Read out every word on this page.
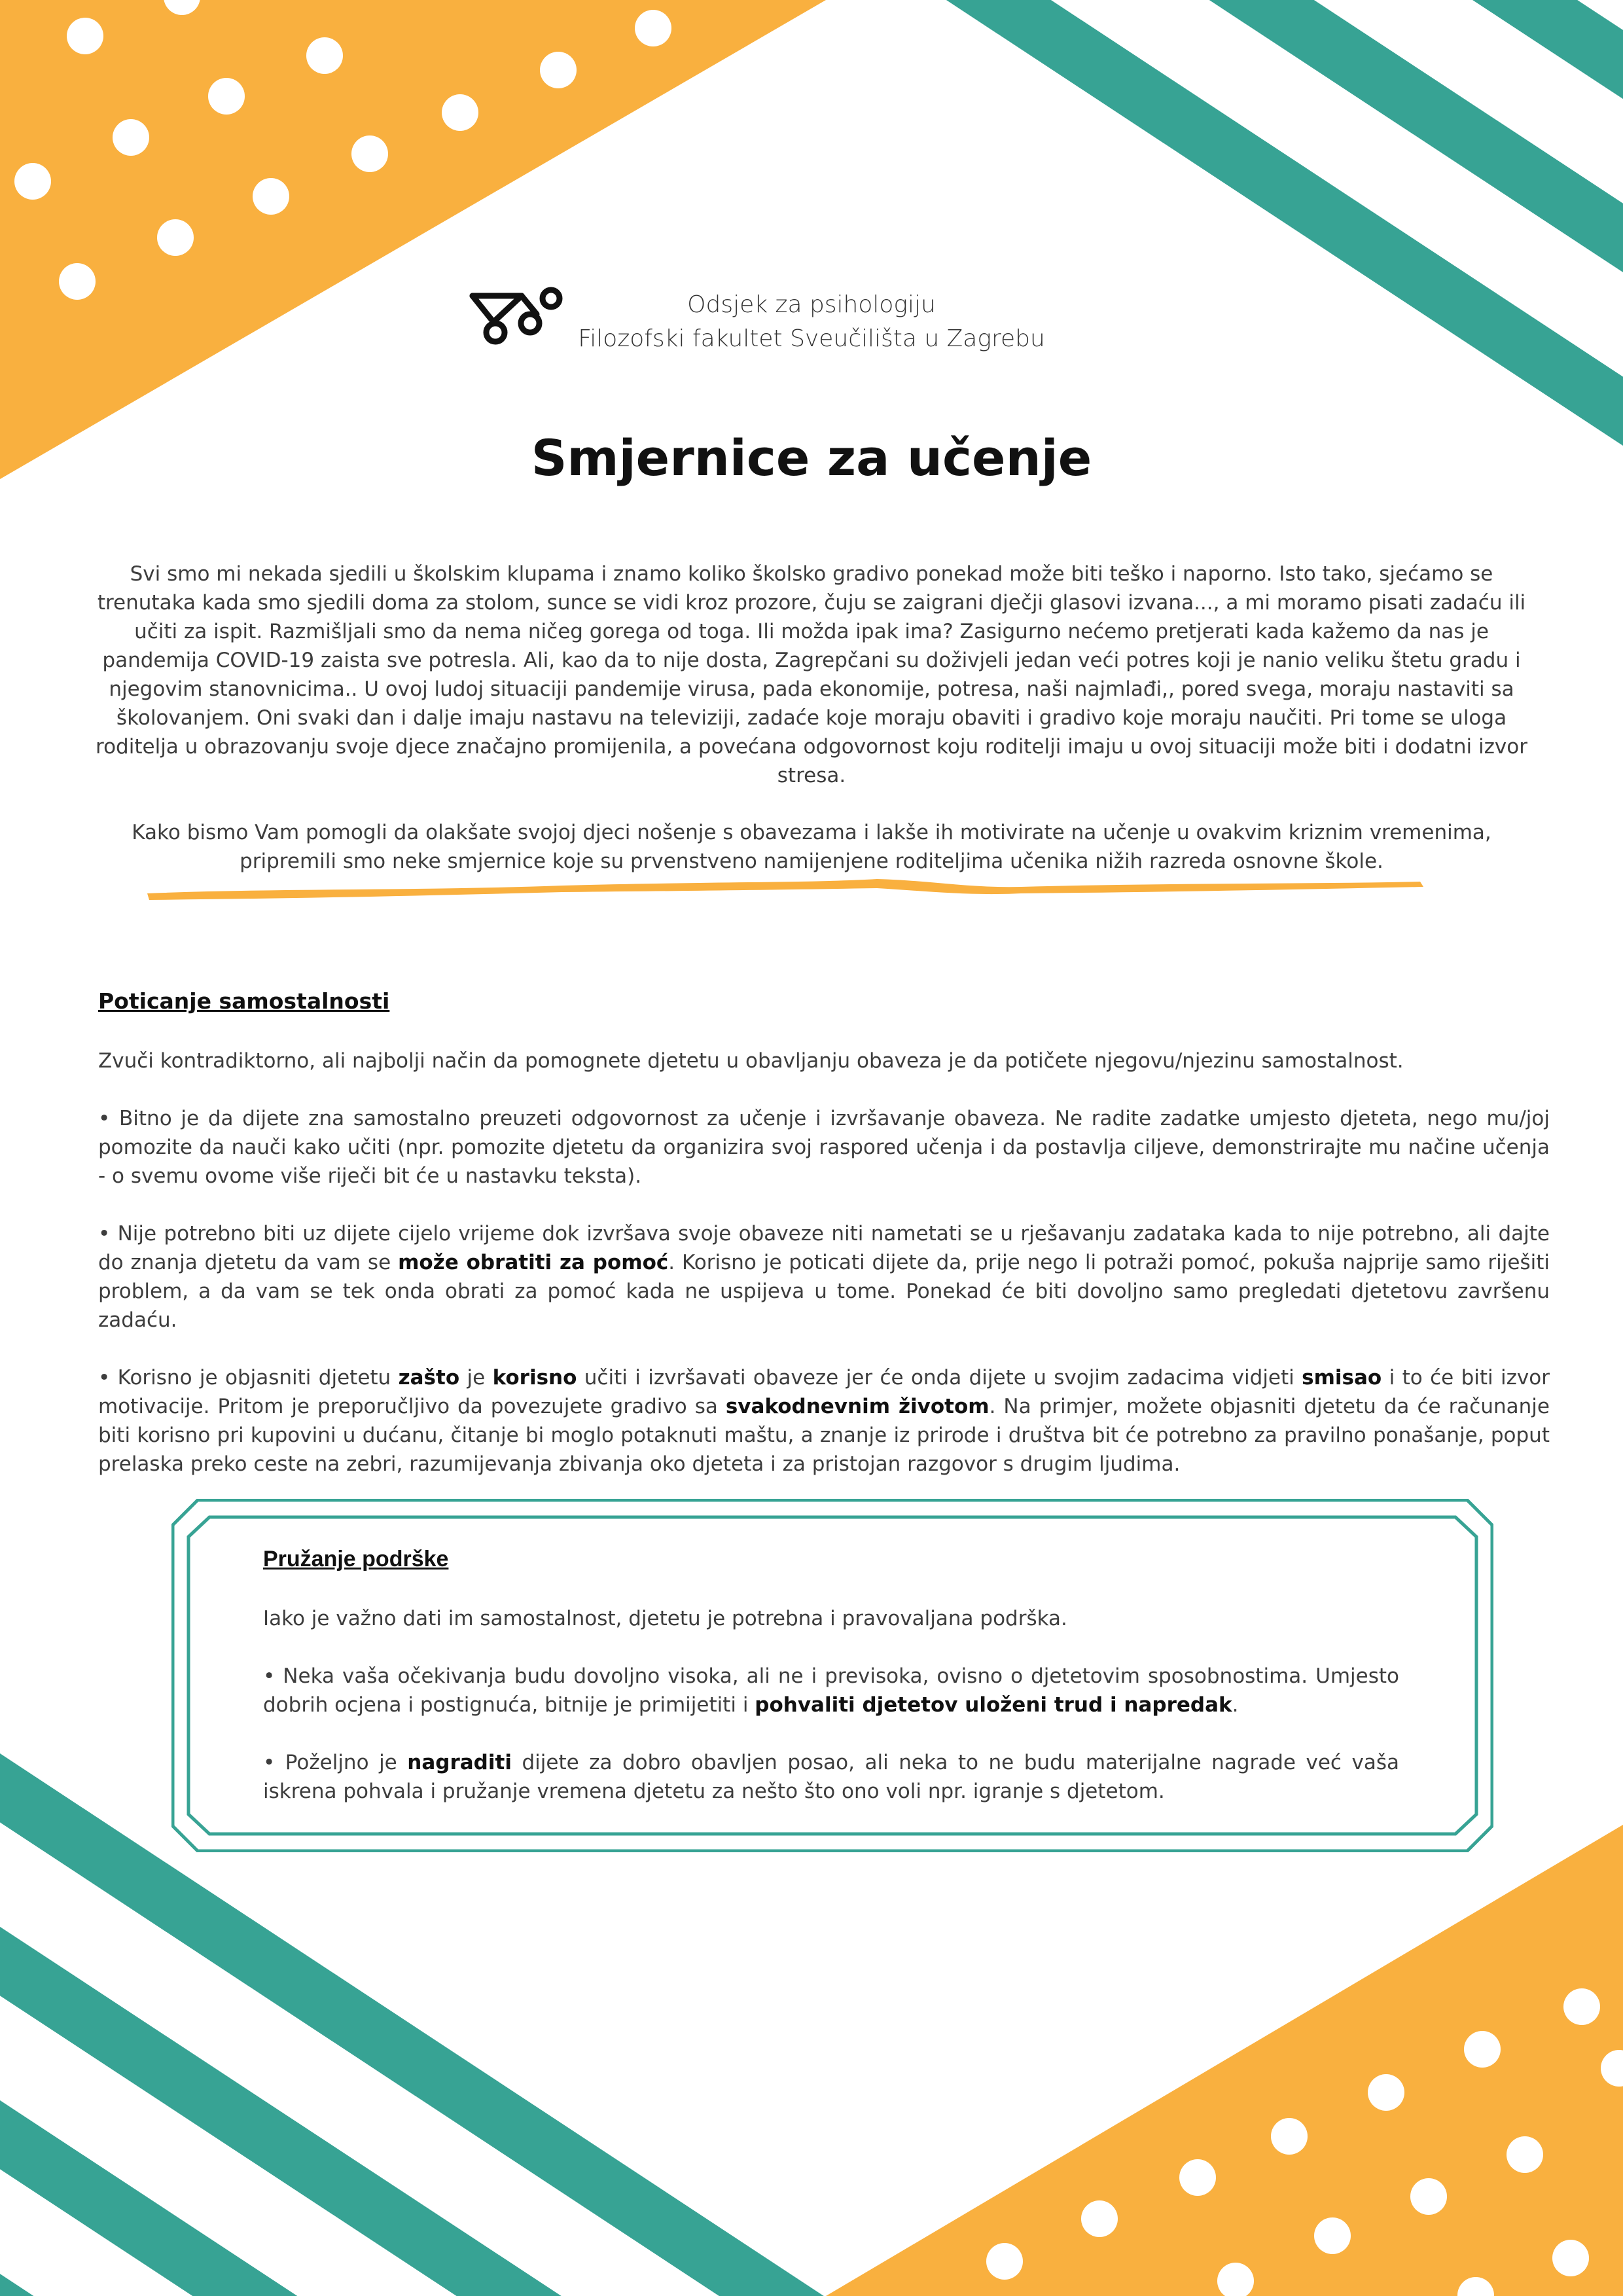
Odsjek za psihologiju
Filozofski fakultet Sveučilišta u Zagrebu
Smjernice za učenje

Svi smo mi nekada sjedili u školskim klupama i znamo koliko školsko gradivo ponekad može biti teško i naporno. Isto tako, sjećamo se trenutaka kada smo sjedili doma za stolom, sunce se vidi kroz prozore, čuju se zaigrani dječji glasovi izvana..., a mi moramo pisati zadaću ili učiti za ispit. Razmišljali smo da nema ničeg gorega od toga. Ili možda ipak ima? Zasigurno nećemo pretjerati kada kažemo da nas je pandemija COVID-19 zaista sve potresla. Ali, kao da to nije dosta, Zagrepčani su doživjeli jedan veći potres koji je nanio veliku štetu gradu i njegovim stanovnicima.. U ovoj ludoj situaciji pandemije virusa, pada ekonomije, potresa, naši najmlađi,, pored svega, moraju nastaviti sa školovanjem. Oni svaki dan i dalje imaju nastavu na televiziji, zadaće koje moraju obaviti i gradivo koje moraju naučiti. Pri tome se uloga roditelja u obrazovanju svoje djece značajno promijenila, a povećana odgovornost koju roditelji imaju u ovoj situaciji može biti i dodatni izvor stresa.

Kako bismo Vam pomogli da olakšate svojoj djeci nošenje s obavezama i lakše ih motivirate na učenje u ovakvim kriznim vremenima, pripremili smo neke smjernice koje su prvenstveno namijenjene roditeljima učenika nižih razreda osnovne škole.

Poticanje samostalnosti

Zvuči kontradiktorno, ali najbolji način da pomognete djetetu u obavljanju obaveza je da potičete njegovu/njezinu samostalnost.

• Bitno je da dijete zna samostalno preuzeti odgovornost za učenje i izvršavanje obaveza. Ne radite zadatke umjesto djeteta, nego mu/joj pomozite da nauči kako učiti (npr. pomozite djetetu da organizira svoj raspored učenja i da postavlja ciljeve, demonstrirajte mu načine učenja - o svemu ovome više riječi bit će u nastavku teksta).

• Nije potrebno biti uz dijete cijelo vrijeme dok izvršava svoje obaveze niti nametati se u rješavanju zadataka kada to nije potrebno, ali dajte do znanja djetetu da vam se može obratiti za pomoć. Korisno je poticati dijete da, prije nego li potraži pomoć, pokuša najprije samo riješiti problem, a da vam se tek onda obrati za pomoć kada ne uspijeva u tome. Ponekad će biti dovoljno samo pregledati djetetovu završenu zadaću.

• Korisno je objasniti djetetu zašto je korisno učiti i izvršavati obaveze jer će onda dijete u svojim zadacima vidjeti smisao i to će biti izvor motivacije. Pritom je preporučljivo da povezujete gradivo sa svakodnevnim životom. Na primjer, možete objasniti djetetu da će računanje biti korisno pri kupovini u dućanu, čitanje bi moglo potaknuti maštu, a znanje iz prirode i društva bit će potrebno za pravilno ponašanje, poput prelaska preko ceste na zebri, razumijevanja zbivanja oko djeteta i za pristojan razgovor s drugim ljudima.

Pružanje podrške

Iako je važno dati im samostalnost, djetetu je potrebna i pravovaljana podrška.

• Neka vaša očekivanja budu dovoljno visoka, ali ne i previsoka, ovisno o djetetovim sposobnostima. Umjesto dobrih ocjena i postignuća, bitnije je primijetiti i pohvaliti djetetov uloženi trud i napredak.

• Poželjno je nagraditi dijete za dobro obavljen posao, ali neka to ne budu materijalne nagrade već vaša iskrena pohvala i pružanje vremena djetetu za nešto što ono voli npr. igranje s djetetom.
